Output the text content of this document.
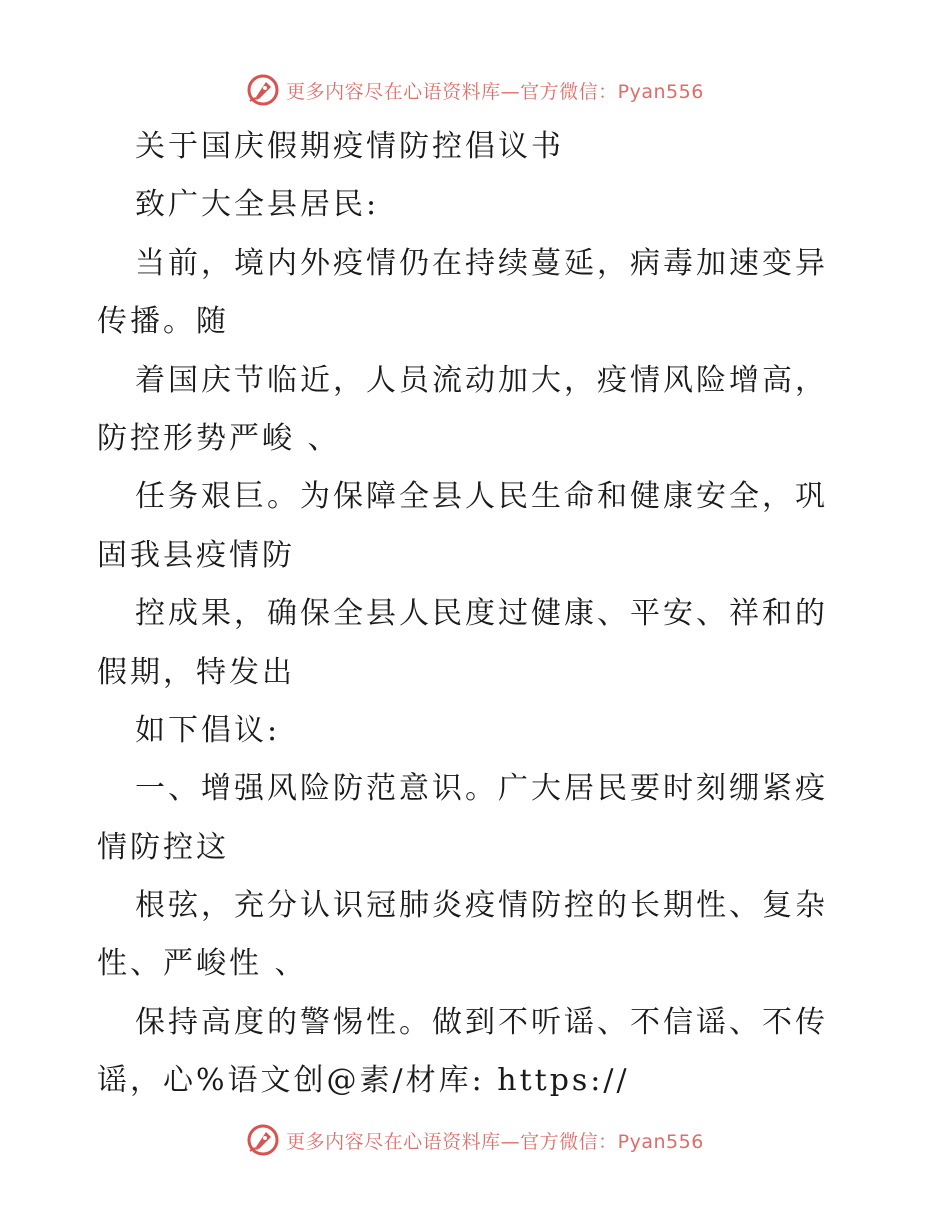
更多内容尽在心语资料库—官方微信：Pyan556
关于国庆假期疫情防控倡议书
致广大全县居民:
当前，境内外疫情仍在持续蔓延，病毒加速变异
传播。随
着国庆节临近，人员流动加大，疫情风险增高，
防控形势严峻 、
任务艰巨。为保障全县人民生命和健康安全，巩
固我县疫情防
控成果，确保全县人民度过健康、平安、祥和的
假期，特发出
如下倡议:
一、增强风险防范意识。广大居民要时刻绷紧疫
情防控这
根弦，充分认识冠肺炎疫情防控的长期性、复杂
性、严峻性 、
保持高度的警惕性。做到不听谣、不信谣、不传
谣，心%语文创@素/材库: https://
更多内容尽在心语资料库—官方微信：Pyan556
